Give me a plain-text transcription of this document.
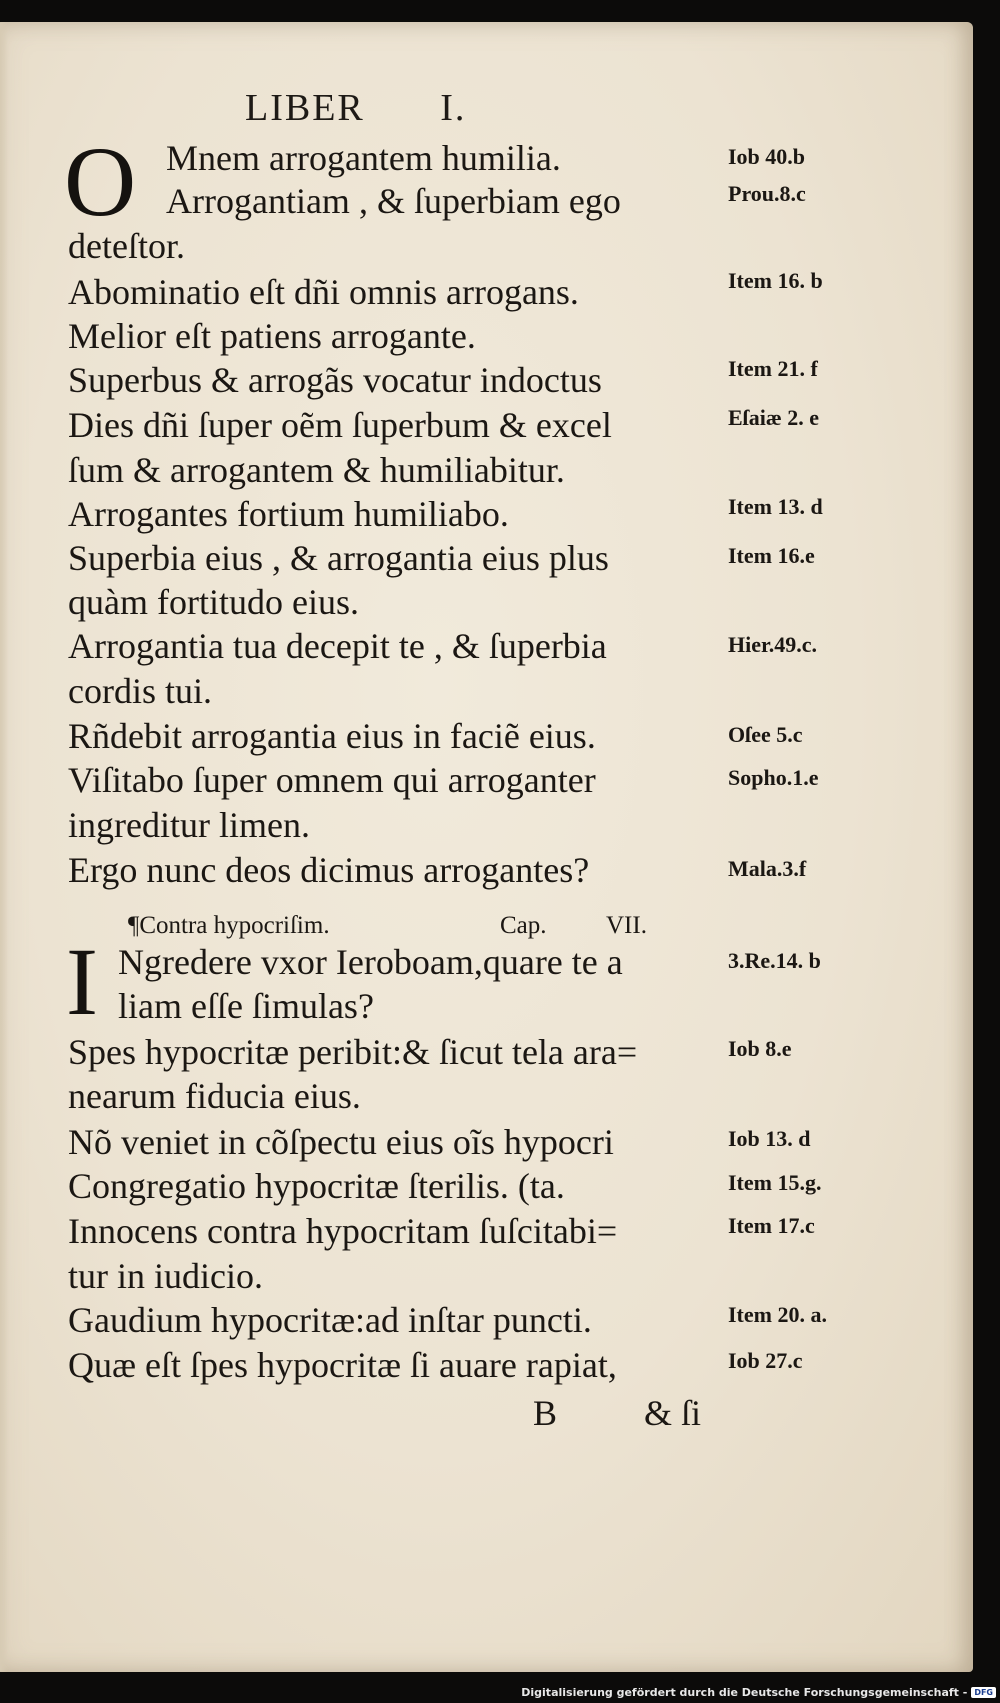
LIBER I.
O Mnem arrogantem humilia.	Iob 40.b
Arrogantiam , & ſuperbiam ego	Prou.8.c
deteſtor.
Abominatio eſt dñi omnis arrogans.	Item 16. b
Melior eſt patiens arrogante.
Superbus & arrogãs vocatur indoctus	Item 21. f
Dies dñi ſuper oẽm ſuperbum & excel	Eſaiæ 2. e
ſum & arrogantem & humiliabitur.
Arrogantes fortium humiliabo.	Item 13. d
Superbia eius , & arrogantia eius plus	Item 16.e
quàm fortitudo eius.
Arrogantia tua decepit te , & ſuperbia	Hier.49.c.
cordis tui.
Rñdebit arrogantia eius in faciẽ eius.	Oſee 5.c
Viſitabo ſuper omnem qui arroganter	Sopho.1.e
ingreditur limen.
Ergo nunc deos dicimus arrogantes?	Mala.3.f
¶Contra hypocriſim.	Cap. VII.
I Ngredere vxor Ieroboam,quare te a	3.Re.14. b
liam eſſe ſimulas?
Spes hypocritæ peribit:& ſicut tela ara=	Iob 8.e
nearum fiducia eius.
Nõ veniet in cõſpectu eius oĩs hypocri	Iob 13. d
Congregatio hypocritæ ſterilis. (ta.	Item 15.g.
Innocens contra hypocritam ſuſcitabi=	Item 17.c
tur in iudicio.
Gaudium hypocritæ:ad inſtar puncti.	Item 20. a.
Quæ eſt ſpes hypocritæ ſi auare rapiat,	Iob 27.c
B & ſi
Digitalisierung gefördert durch die Deutsche Forschungsgemeinschaft - DFG
